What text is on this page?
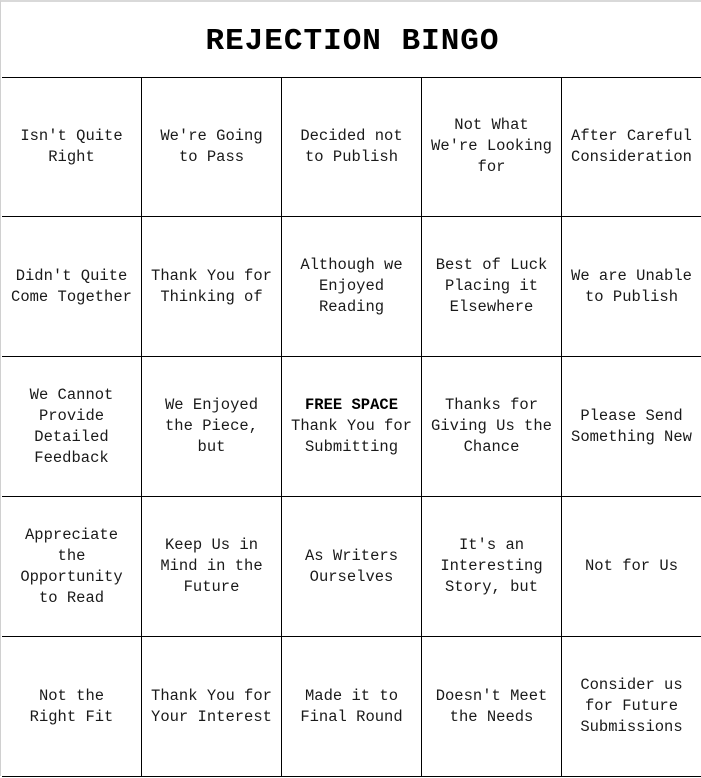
REJECTION BINGO
Isn't Quite
Right
We're Going
to Pass
Decided not
to Publish
Not What
We're Looking
for
After Careful
Consideration
Didn't Quite
Come Together
Thank You for
Thinking of
Although we
Enjoyed
Reading
Best of Luck
Placing it
Elsewhere
We are Unable
to Publish
We Cannot
Provide
Detailed
Feedback
We Enjoyed
the Piece,
but
FREE SPACE
Thank You for
Submitting
Thanks for
Giving Us the
Chance
Please Send
Something New
Appreciate
the
Opportunity
to Read
Keep Us in
Mind in the
Future
As Writers
Ourselves
It's an
Interesting
Story, but
Not for Us
Not the
Right Fit
Thank You for
Your Interest
Made it to
Final Round
Doesn't Meet
the Needs
Consider us
for Future
Submissions
